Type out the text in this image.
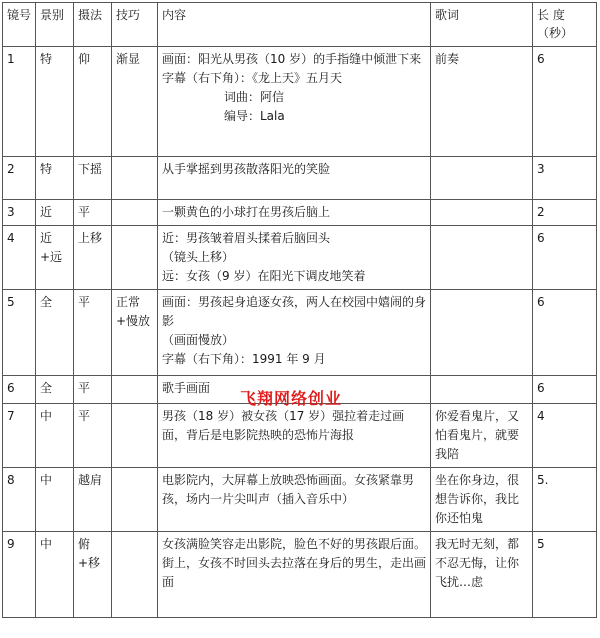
镜号	景别	摄法	技巧	内容	歌词	长 度（秒）
1	特	仰	渐显	画面：阳光从男孩（10 岁）的手指缝中倾泄下来
字幕（右下角）：《龙上天》五月天
词曲：阿信
编导：Lala	前奏	6
2	特	下摇		从手掌摇到男孩散落阳光的笑脸		3
3	近	平		一颗黄色的小球打在男孩后脑上		2
4	近+远	上移		近：男孩皱着眉头揉着后脑回头
（镜头上移）
远：女孩（9 岁）在阳光下调皮地笑着		6
5	全	平	正常+慢放	画面：男孩起身追逐女孩，两人在校园中嬉闹的身影
（画面慢放）
字幕（右下角）：1991 年 9 月		6
6	全	平		歌手画面		6
7	中	平		男孩（18 岁）被女孩（17 岁）强拉着走过画面，背后是电影院热映的恐怖片海报	你爱看鬼片，又怕看鬼片，就要我陪	4
8	中	越肩		电影院内，大屏幕上放映恐怖画面。女孩紧靠男孩，场内一片尖叫声（插入音乐中）	坐在你身边，很想告诉你，我比你还怕鬼	5.
9	中	俯+移		女孩满脸笑容走出影院，脸色不好的男孩跟后面。街上，女孩不时回头去拉落在身后的男生，走出画面	我无时无刻，都不忍无悔，让你飞扰…虑	5
飞翔网络创业
